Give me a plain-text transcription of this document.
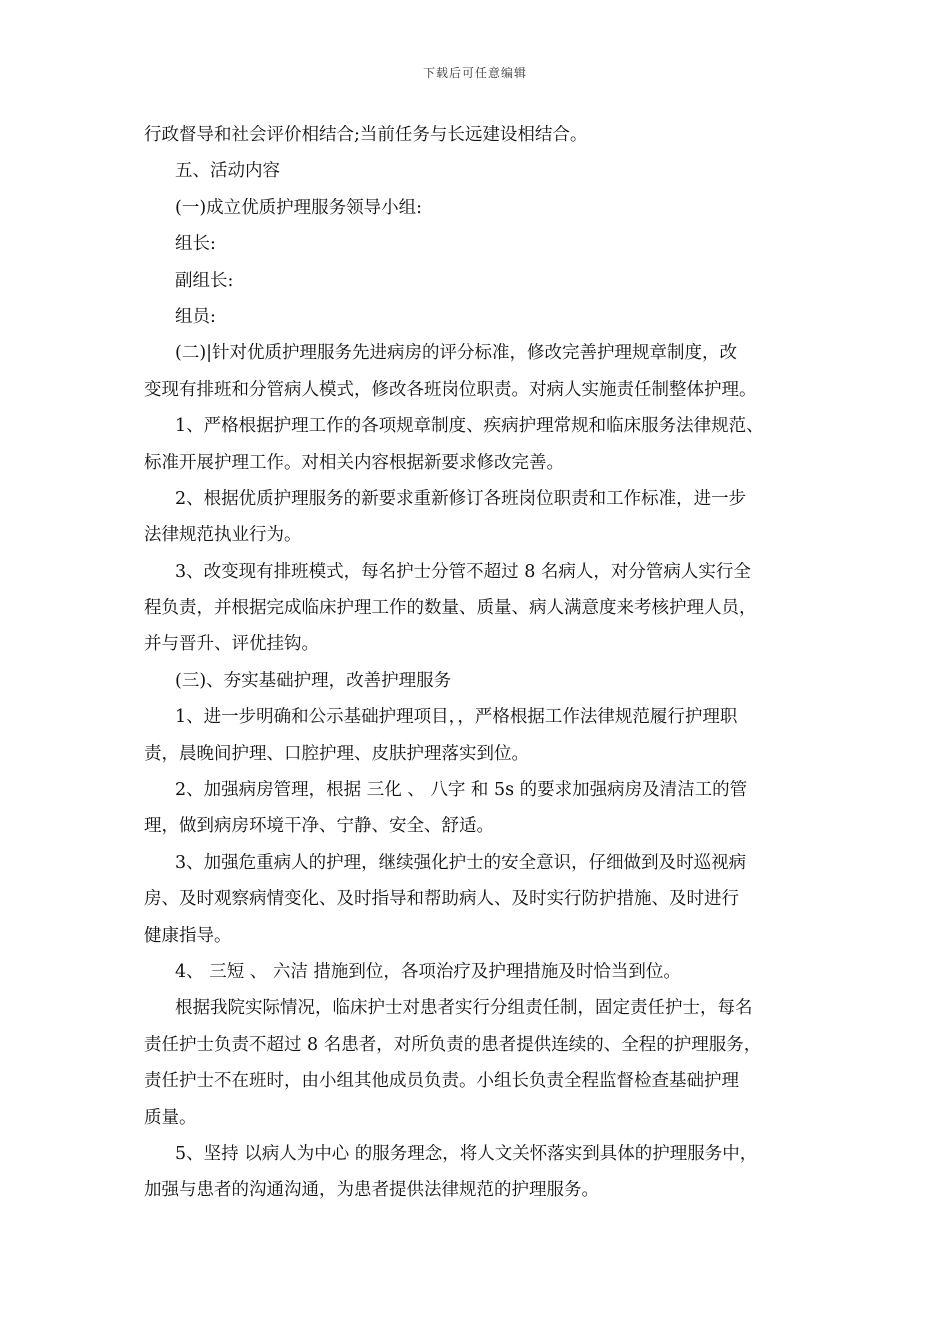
下载后可任意编辑
行政督导和社会评价相结合;当前任务与长远建设相结合。
五、活动内容
(一)成立优质护理服务领导小组:
组长:
副组长:
组员:
(二)|针对优质护理服务先进病房的评分标准，修改完善护理规章制度，改
变现有排班和分管病人模式，修改各班岗位职责。对病人实施责任制整体护理。
1、严格根据护理工作的各项规章制度、疾病护理常规和临床服务法律规范、
标准开展护理工作。对相关内容根据新要求修改完善。
2、根据优质护理服务的新要求重新修订各班岗位职责和工作标准，进一步
法律规范执业行为。
3、改变现有排班模式，每名护士分管不超过 8 名病人，对分管病人实行全
程负责，并根据完成临床护理工作的数量、质量、病人满意度来考核护理人员，
并与晋升、评优挂钩。
(三)、夯实基础护理，改善护理服务
1、进一步明确和公示基础护理项目，，严格根据工作法律规范履行护理职
责，晨晚间护理、口腔护理、皮肤护理落实到位。
2、加强病房管理，根据 三化 、 八字 和 5s 的要求加强病房及清洁工的管
理，做到病房环境干净、宁静、安全、舒适。
3、加强危重病人的护理，继续强化护士的安全意识，仔细做到及时巡视病
房、及时观察病情变化、及时指导和帮助病人、及时实行防护措施、及时进行
健康指导。
4、 三短 、 六洁 措施到位，各项治疗及护理措施及时恰当到位。
根据我院实际情况，临床护士对患者实行分组责任制，固定责任护士，每名
责任护士负责不超过 8 名患者，对所负责的患者提供连续的、全程的护理服务，
责任护士不在班时，由小组其他成员负责。小组长负责全程监督检查基础护理
质量。
5、坚持 以病人为中心 的服务理念，将人文关怀落实到具体的护理服务中，
加强与患者的沟通沟通，为患者提供法律规范的护理服务。
